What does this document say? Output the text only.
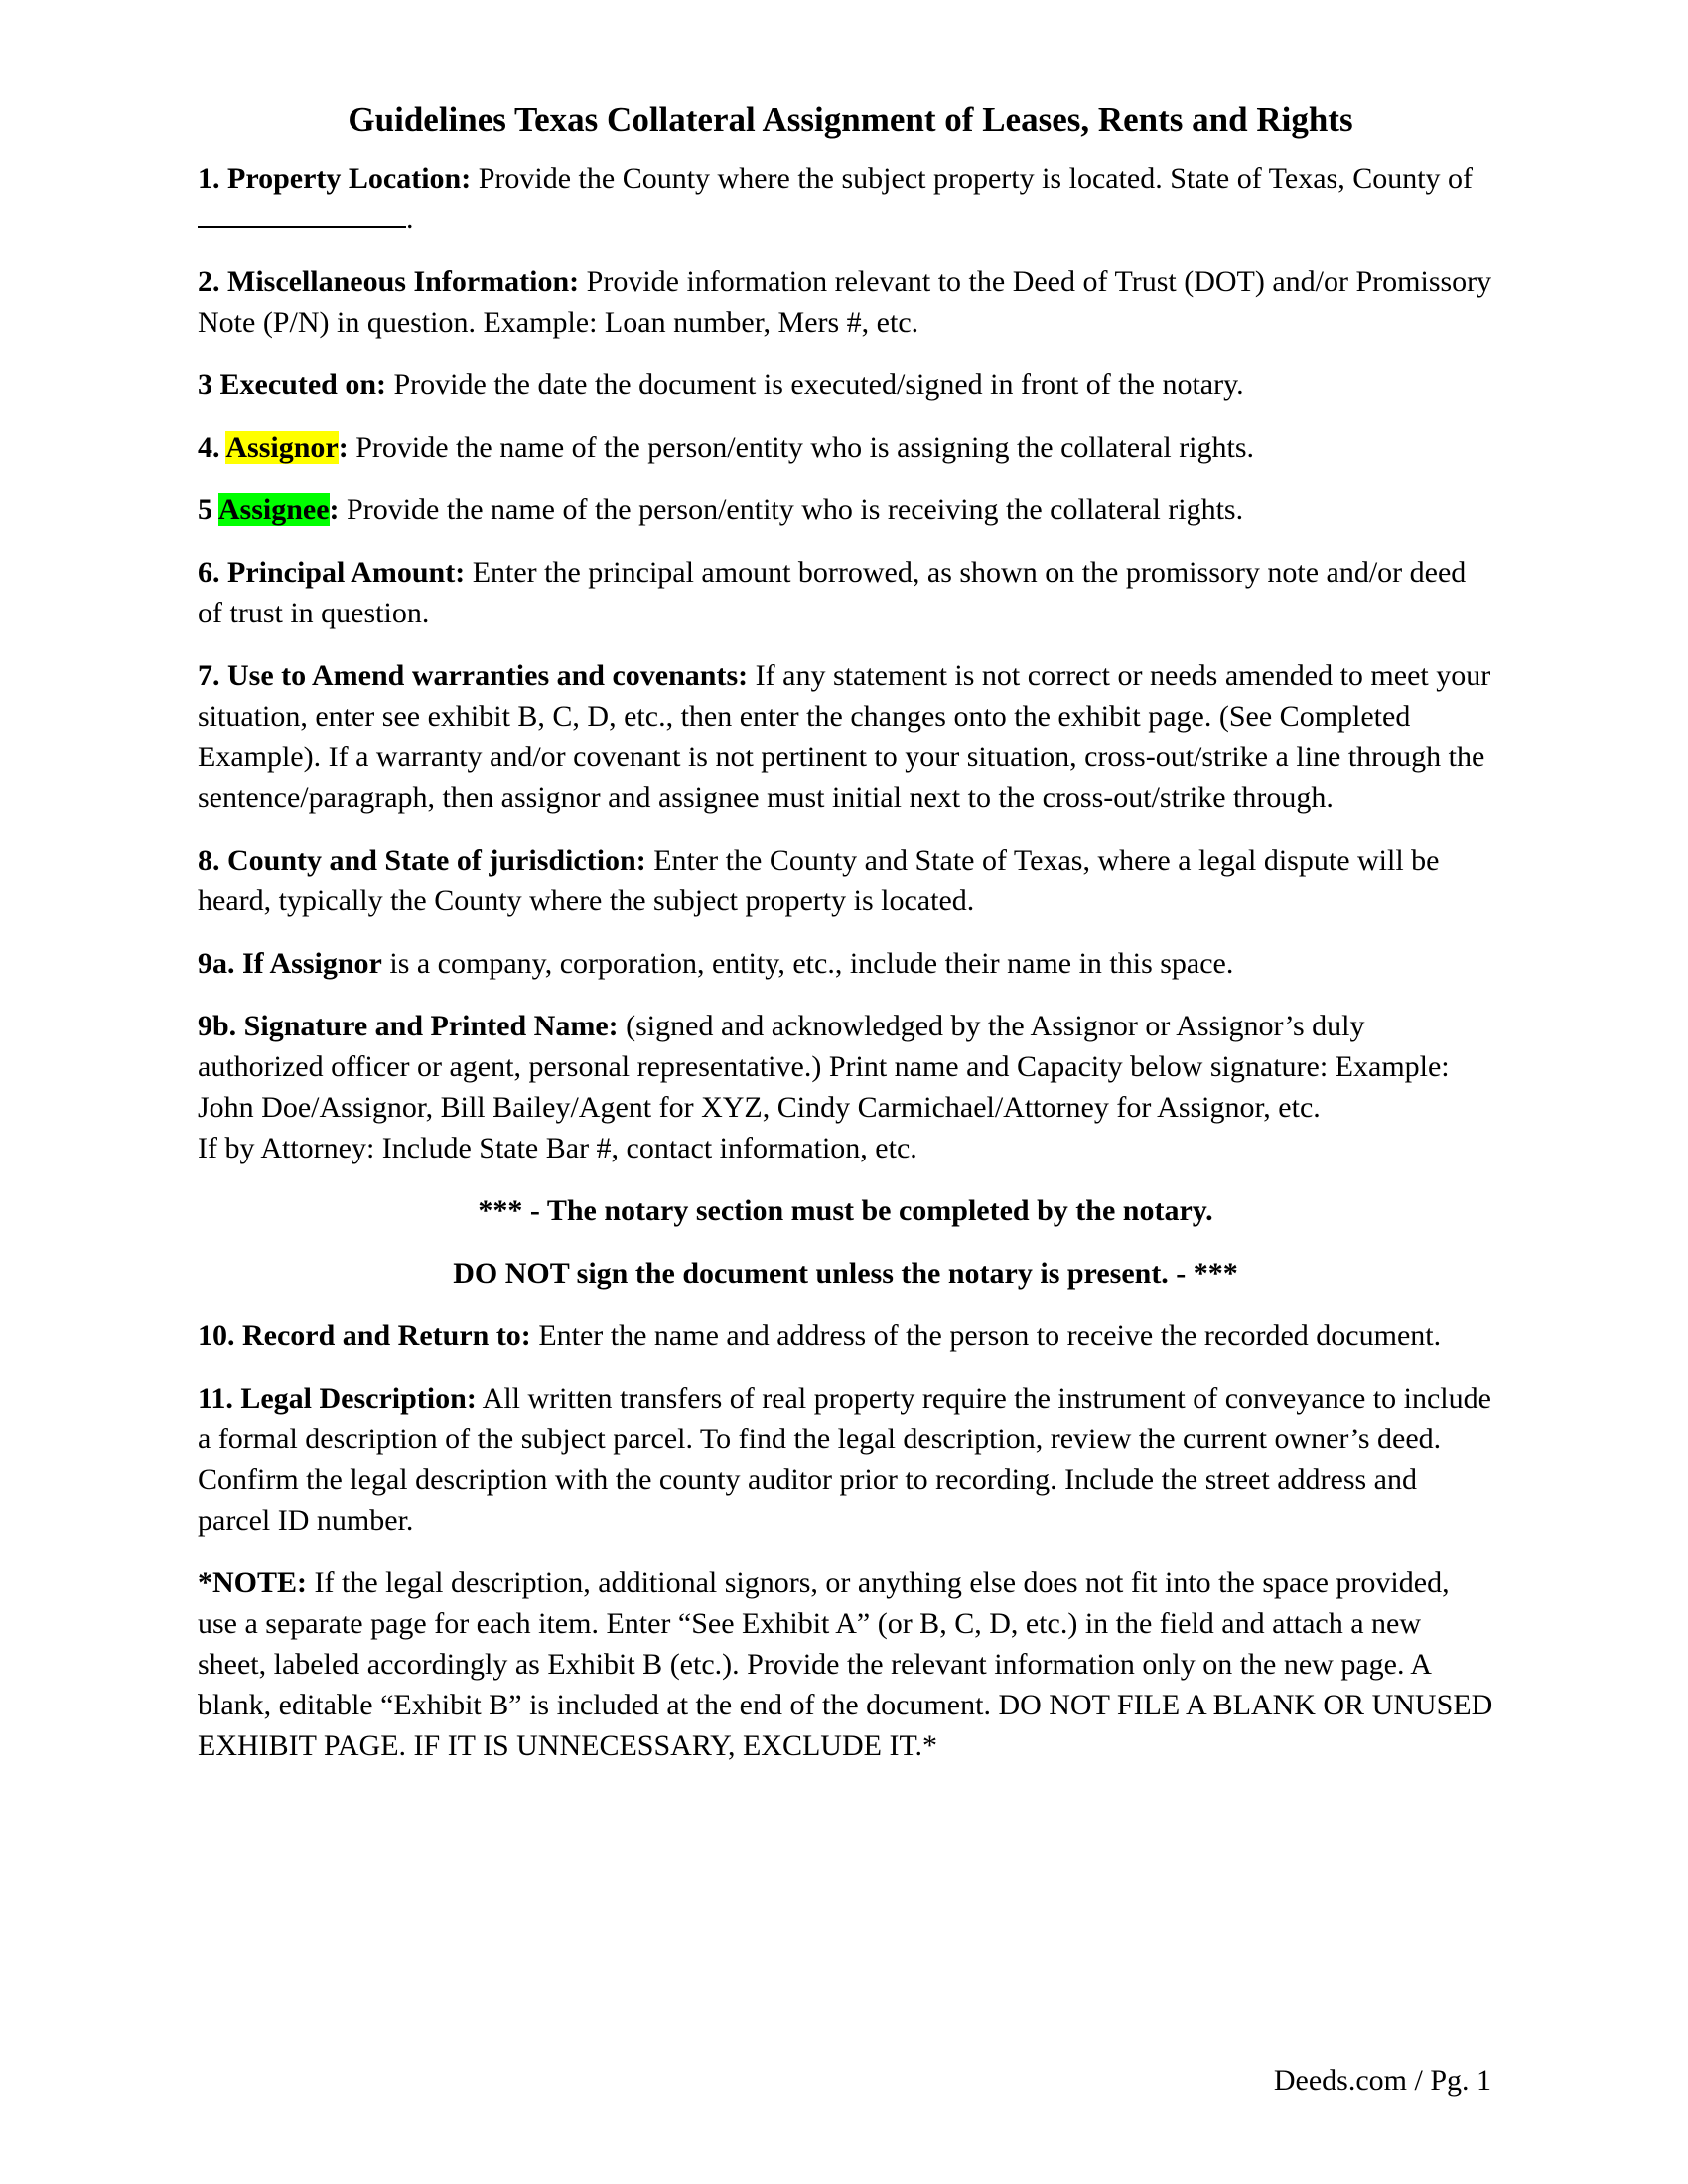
Guidelines Texas Collateral Assignment of Leases, Rents and Rights

1. Property Location: Provide the County where the subject property is located. State of Texas, County of .

2. Miscellaneous Information: Provide information relevant to the Deed of Trust (DOT) and/or Promissory Note (P/N) in question. Example: Loan number, Mers #, etc.

3 Executed on: Provide the date the document is executed/signed in front of the notary.

4. Assignor: Provide the name of the person/entity who is assigning the collateral rights.

5 Assignee: Provide the name of the person/entity who is receiving the collateral rights.

6. Principal Amount: Enter the principal amount borrowed, as shown on the promissory note and/or deed of trust in question.

7. Use to Amend warranties and covenants: If any statement is not correct or needs amended to meet your situation, enter see exhibit B, C, D, etc., then enter the changes onto the exhibit page. (See Completed Example). If a warranty and/or covenant is not pertinent to your situation, cross-out/strike a line through the sentence/paragraph, then assignor and assignee must initial next to the cross-out/strike through.

8. County and State of jurisdiction: Enter the County and State of Texas, where a legal dispute will be heard, typically the County where the subject property is located.

9a. If Assignor is a company, corporation, entity, etc., include their name in this space.

9b. Signature and Printed Name: (signed and acknowledged by the Assignor or Assignor’s duly authorized officer or agent, personal representative.) Print name and Capacity below signature: Example: John Doe/Assignor, Bill Bailey/Agent for XYZ, Cindy Carmichael/Attorney for Assignor, etc.
If by Attorney: Include State Bar #, contact information, etc.

*** - The notary section must be completed by the notary.

DO NOT sign the document unless the notary is present. - ***

10. Record and Return to: Enter the name and address of the person to receive the recorded document.

11. Legal Description: All written transfers of real property require the instrument of conveyance to include a formal description of the subject parcel. To find the legal description, review the current owner’s deed. Confirm the legal description with the county auditor prior to recording. Include the street address and parcel ID number.

*NOTE: If the legal description, additional signors, or anything else does not fit into the space provided, use a separate page for each item. Enter “See Exhibit A” (or B, C, D, etc.) in the field and attach a new sheet, labeled accordingly as Exhibit B (etc.). Provide the relevant information only on the new page. A blank, editable “Exhibit B” is included at the end of the document. DO NOT FILE A BLANK OR UNUSED EXHIBIT PAGE. IF IT IS UNNECESSARY, EXCLUDE IT.*

Deeds.com / Pg. 1
